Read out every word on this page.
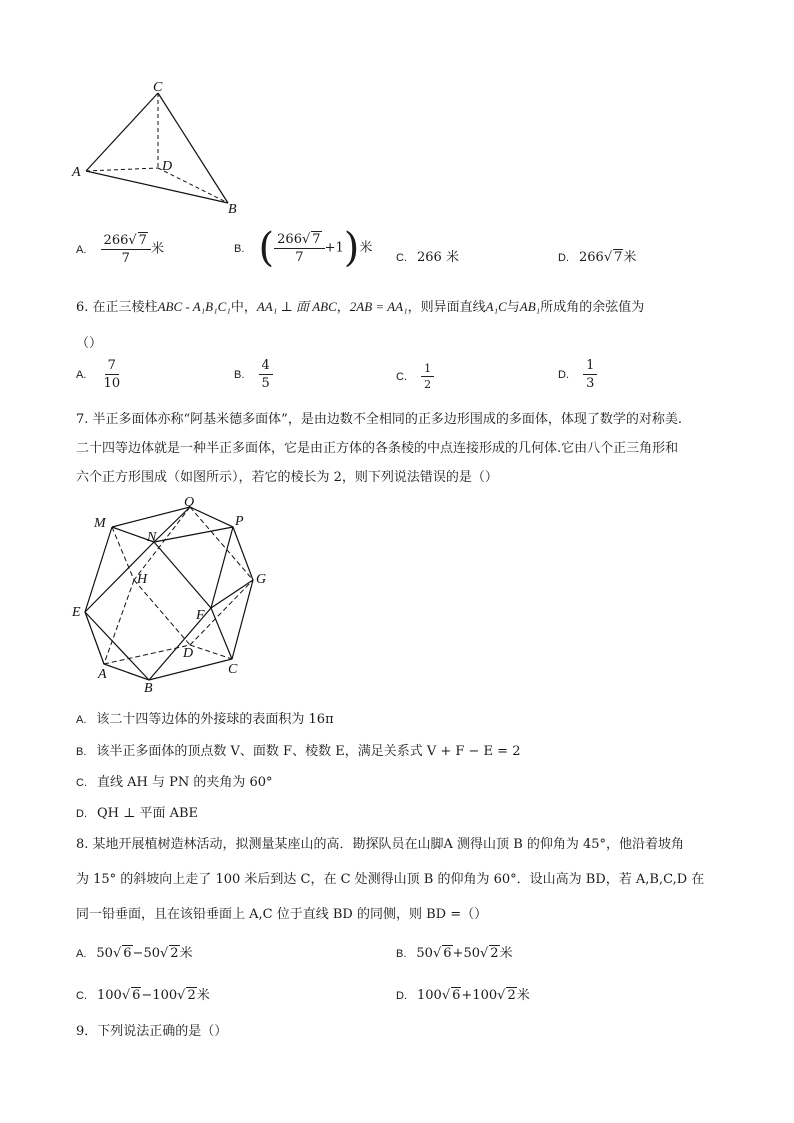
C
D
A
B
A. $\frac{266 √ 7}{7}$ 米	B. ( $\frac{266 √ 7}{7} +1$)米
C. 266 米	D. 266 √ 7米
6. 在正三棱柱ABC - A₁B₁C₁中，AA₁ ⊥ 面 ABC，2AB = AA₁，则异面直线A₁C与AB₁所成角的余弦值为
（）
A. $\frac{7}{10}$	B. $\frac{4}{5}$	C. $\frac{1}{2}$	D. $\frac{1}{3}$
7. 半正多面体亦称“阿基米德多面体”，是由边数不全相同的正多边形围成的多面体，体现了数学的对称美.
二十四等边体就是一种半正多面体，它是由正方体的各条棱的中点连接形成的几何体.它由八个正三角形和
六个正方形围成（如图所示），若它的棱长为 2，则下列说法错误的是（）
Q
P
M
N
H	G
E	F
D
A	C
B
A. 该二十四等边体的外接球的表面积为 16π
B. 该半正多面体的顶点数 V、面数 F、棱数 E，满足关系式 V + F − E = 2
C. 直线 AH 与 PN 的夹角为 60°
D. QH ⊥ 平面 ABE
8. 某地开展植树造林活动，拟测量某座山的高．勘探队员在山脚A 测得山顶 B 的仰角为 45°，他沿着坡角
为 15° 的斜坡向上走了 100 米后到达 C，在 C 处测得山顶 B 的仰角为 60°．设山高为 BD，若 A,B,C,D 在
同一铅垂面，且在该铅垂面上 A,C 位于直线 BD 的同侧，则 BD =（）
A. 50 √ 6−50 √ 2米	B. 50 √ 6+50 √ 2米
C. 100 √ 6−100 √ 2米	D. 100 √ 6+100 √ 2米
9．下列说法正确的是（）
